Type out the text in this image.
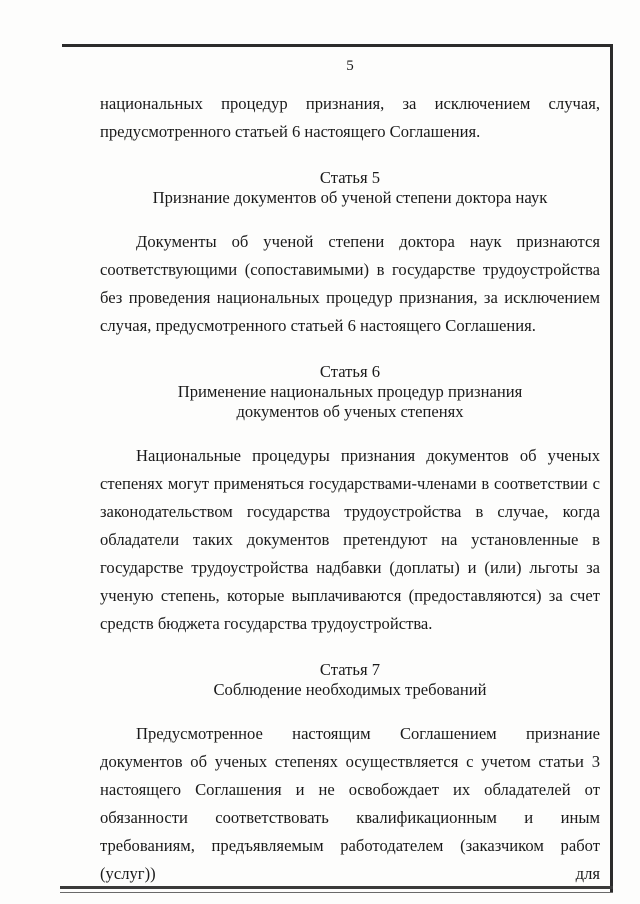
5

национальных процедур признания, за исключением случая,
предусмотренного статьей 6 настоящего Соглашения.

Статья 5
Признание документов об ученой степени доктора наук

Документы об ученой степени доктора наук признаются соответствующими (сопоставимыми) в государстве трудоустройства без проведения национальных процедур признания, за исключением случая, предусмотренного статьей 6 настоящего Соглашения.

Статья 6
Применение национальных процедур признания
документов об ученых степенях

Национальные процедуры признания документов об ученых степенях могут применяться государствами-членами в соответствии с законодательством государства трудоустройства в случае, когда обладатели таких документов претендуют на установленные в государстве трудоустройства надбавки (доплаты) и (или) льготы за ученую степень, которые выплачиваются (предоставляются) за счет средств бюджета государства трудоустройства.

Статья 7
Соблюдение необходимых требований

Предусмотренное настоящим Соглашением признание документов об ученых степенях осуществляется с учетом статьи 3 настоящего Соглашения и не освобождает их обладателей от обязанности соответствовать квалификационным и иным требованиям, предъявляемым работодателем (заказчиком работ (услуг)) для
